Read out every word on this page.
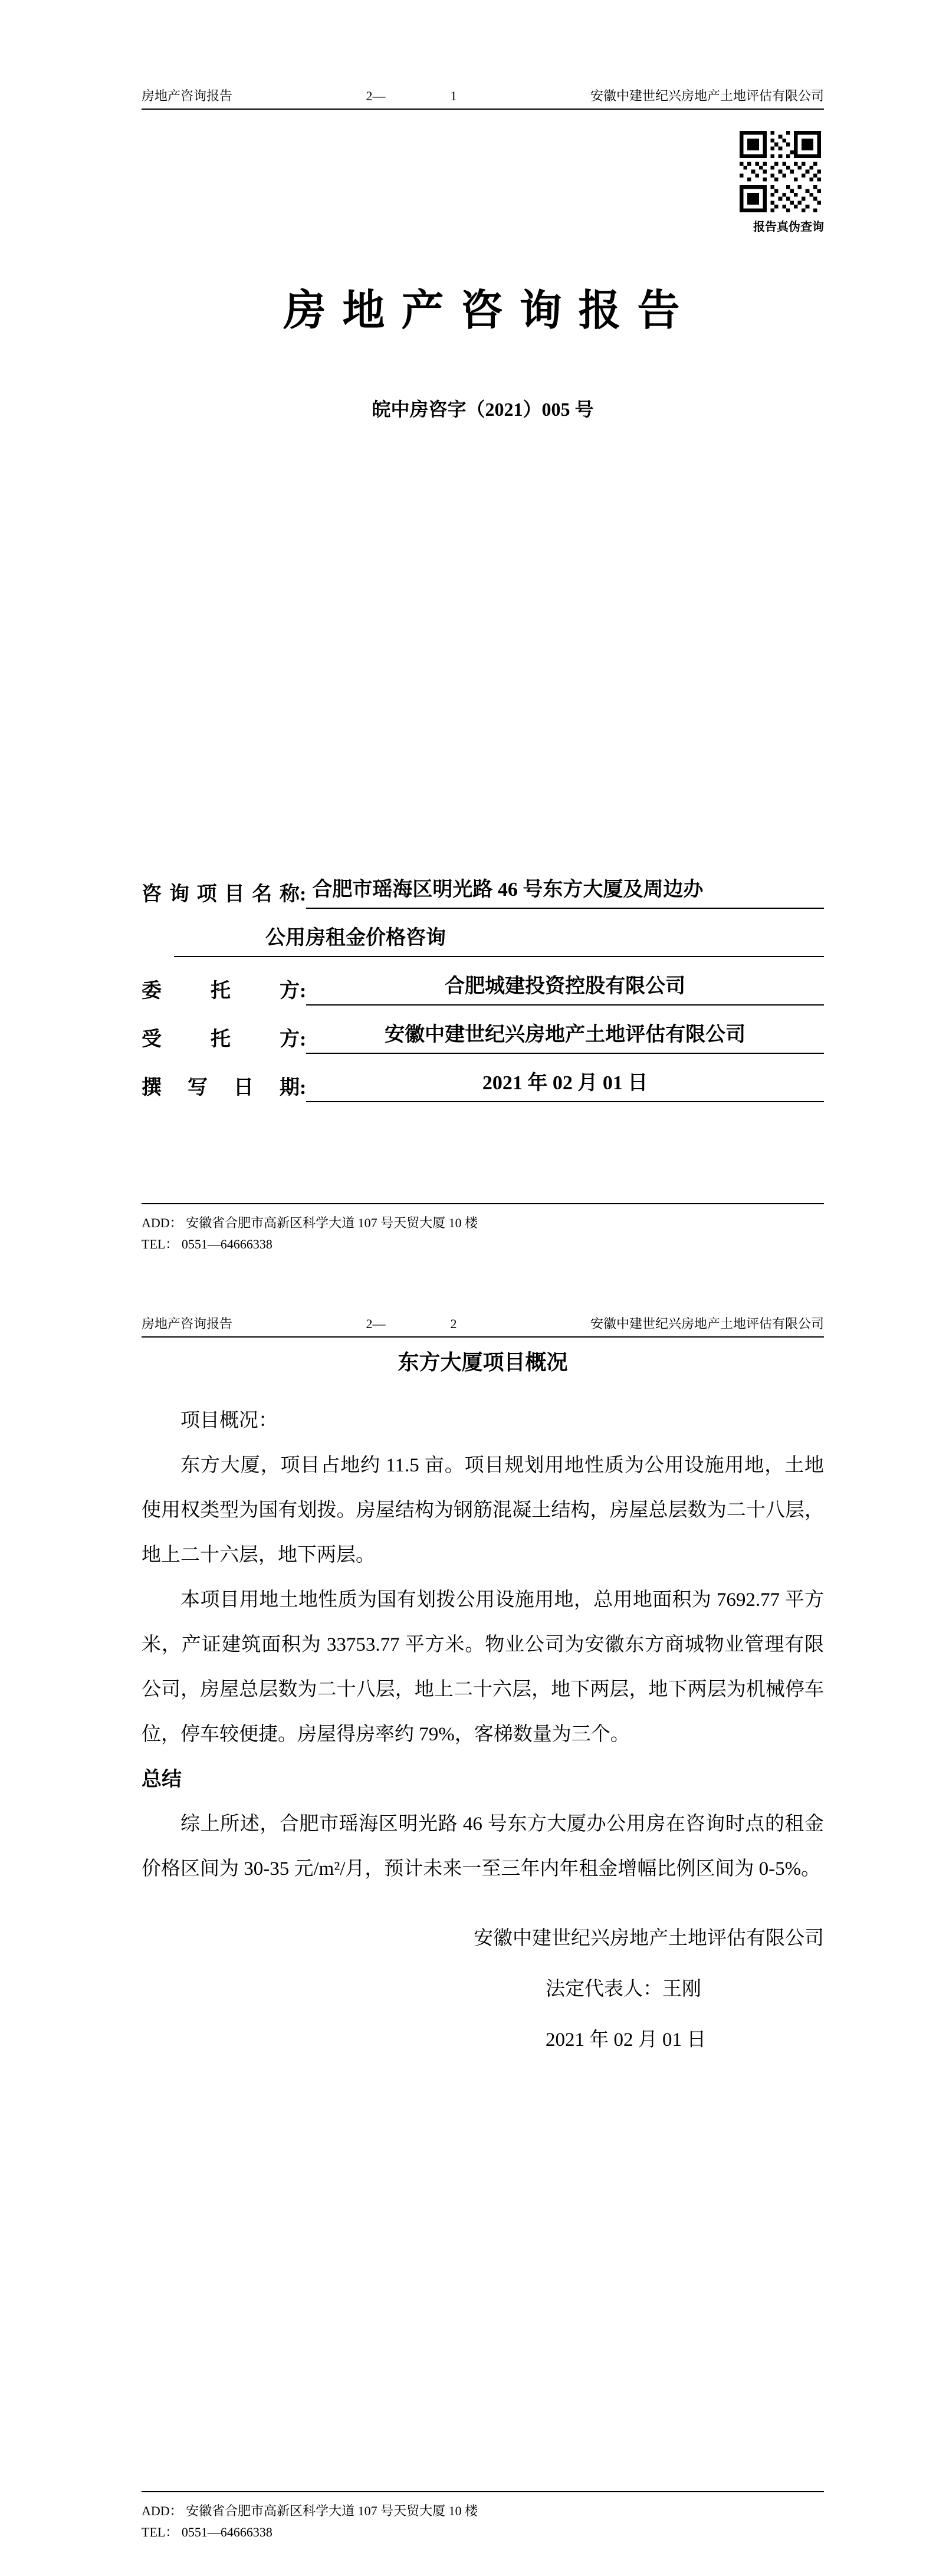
房地产咨询报告	2—	1	安徽中建世纪兴房地产土地评估有限公司
报告真伪查询
房 地 产 咨 询 报 告
皖中房咨字（2021）005 号
咨询项目名称: 合肥市瑶海区明光路 46 号东方大厦及周边办
公用房租金价格咨询
委 托 方:	合肥城建投资控股有限公司
受 托 方:	安徽中建世纪兴房地产土地评估有限公司
撰 写 日 期:	2021 年 02 月 01 日
ADD： 安徽省合肥市高新区科学大道 107 号天贸大厦 10 楼
TEL： 0551—64666338
房地产咨询报告	2—	2	安徽中建世纪兴房地产土地评估有限公司
东方大厦项目概况

项目概况：

东方大厦，项目占地约 11.5 亩。项目规划用地性质为公用设施用地，土地使用权类型为国有划拨。房屋结构为钢筋混凝土结构，房屋总层数为二十八层，地上二十六层，地下两层。

本项目用地土地性质为国有划拨公用设施用地，总用地面积为 7692.77 平方米，产证建筑面积为 33753.77 平方米。物业公司为安徽东方商城物业管理有限公司，房屋总层数为二十八层，地上二十六层，地下两层，地下两层为机械停车位，停车较便捷。房屋得房率约 79%，客梯数量为三个。

总结

综上所述，合肥市瑶海区明光路 46 号东方大厦办公用房在咨询时点的租金价格区间为 30-35 元/m²/月，预计未来一至三年内年租金增幅比例区间为 0-5%。

安徽中建世纪兴房地产土地评估有限公司
法定代表人：王刚
2021 年 02 月 01 日
ADD： 安徽省合肥市高新区科学大道 107 号天贸大厦 10 楼
TEL： 0551—64666338
